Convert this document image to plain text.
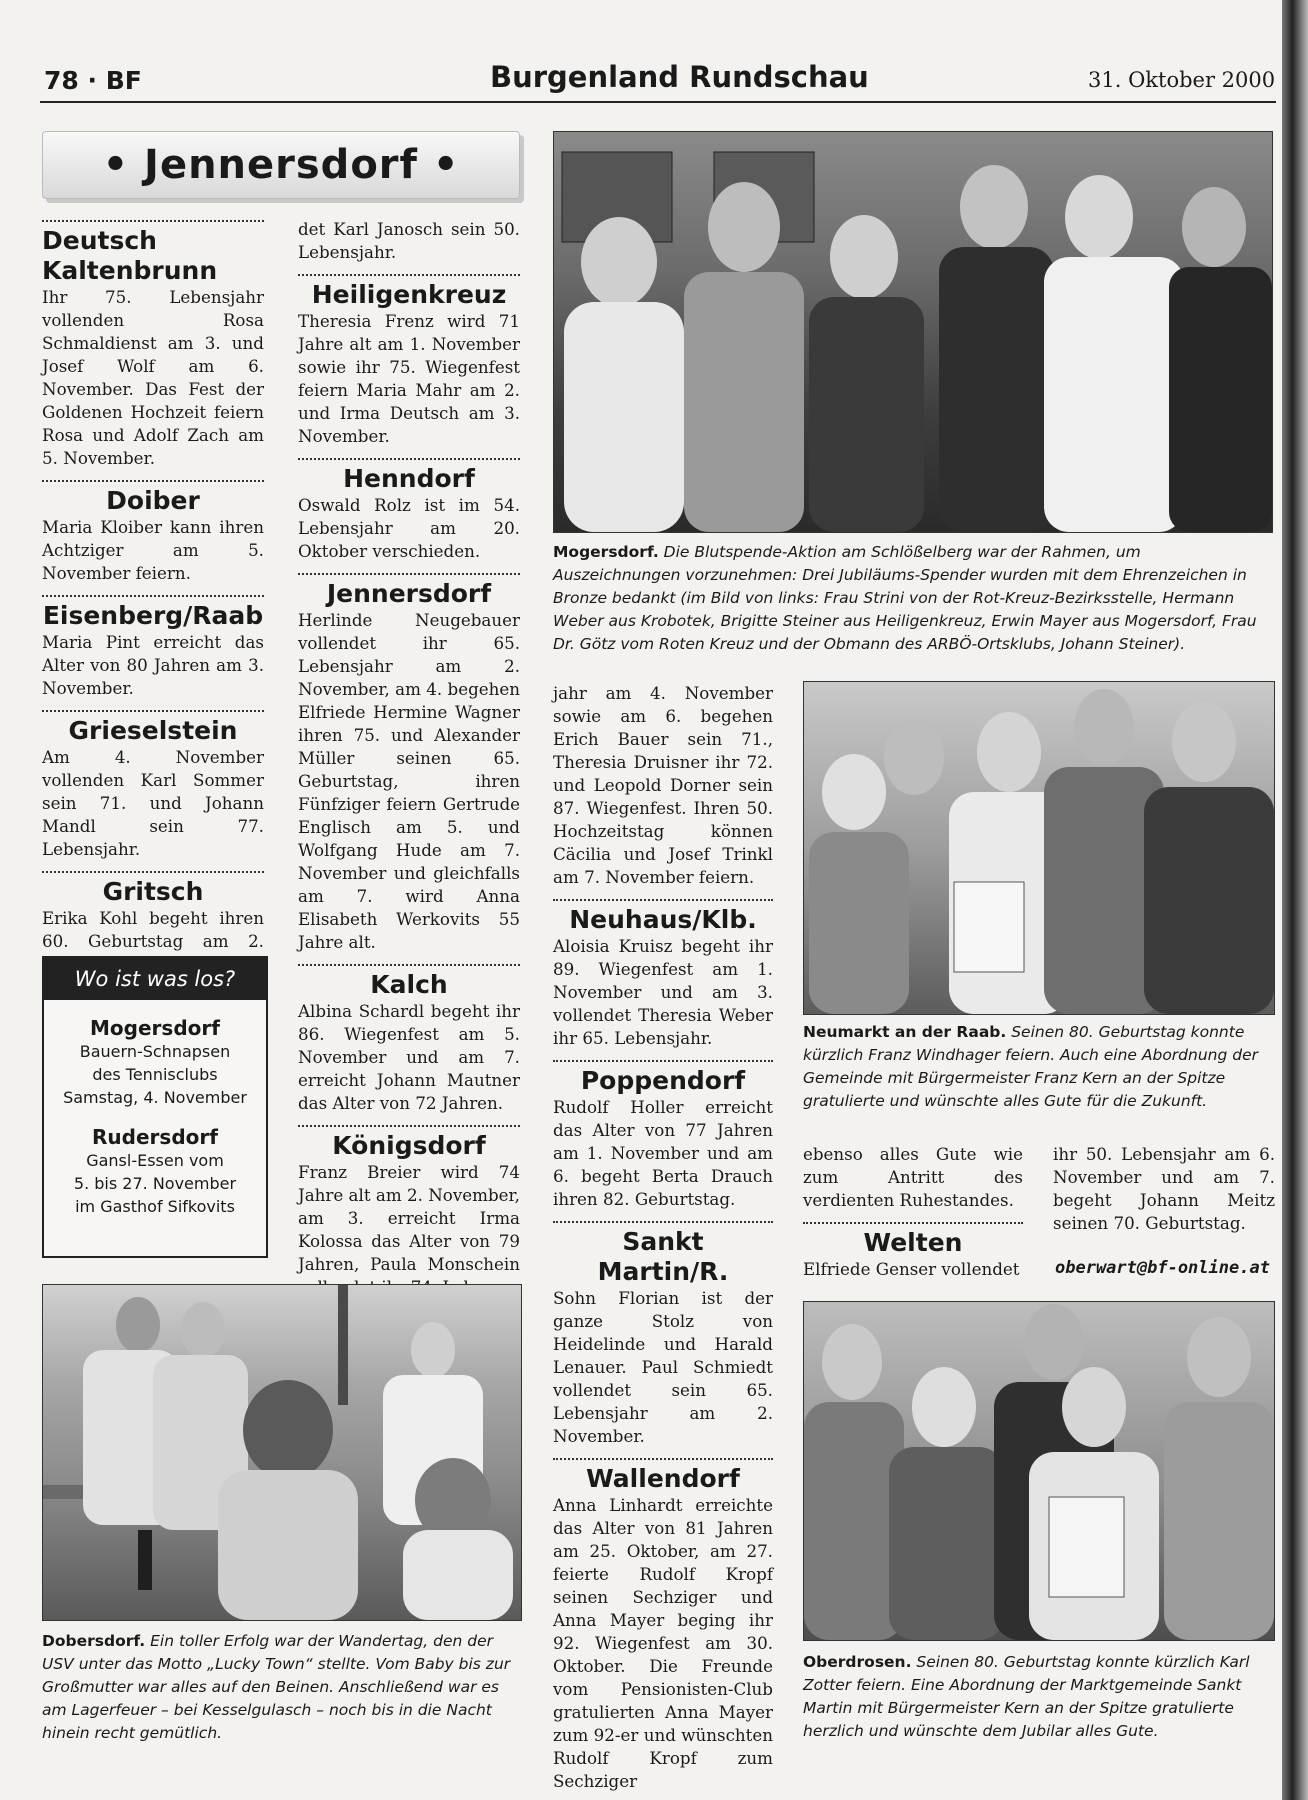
78 · BF	Burgenland Rundschau	31. Oktober 2000
• Jennersdorf •
Deutsch Kaltenbrunn

Ihr 75. Lebensjahr vollenden Rosa Schmaldienst am 3. und Josef Wolf am 6. November. Das Fest der Goldenen Hochzeit feiern Rosa und Adolf Zach am 5. November.

Doiber

Maria Kloiber kann ihren Achtziger am 5. November feiern.

Eisenberg/Raab

Maria Pint erreicht das Alter von 80 Jahren am 3. November.

Grieselstein

Am 4. November vollenden Karl Sommer sein 71. und Johann Mandl sein 77. Lebensjahr.

Gritsch

Erika Kohl begeht ihren 60. Geburtstag am 2.

Wo ist was los?
Mogersdorf
Bauern-Schnapsen
des Tennisclubs
Samstag, 4. November
Rudersdorf
Gansl-Essen vom
5. bis 27. November
im Gasthof Sifkovits

det Karl Janosch sein 50. Lebensjahr.

Heiligenkreuz

Theresia Frenz wird 71 Jahre alt am 1. November sowie ihr 75. Wiegenfest feiern Maria Mahr am 2. und Irma Deutsch am 3. November.

Henndorf

Oswald Rolz ist im 54. Lebensjahr am 20. Oktober verschieden.

Jennersdorf

Herlinde Neugebauer vollendet ihr 65. Lebensjahr am 2. November, am 4. begehen Elfriede Hermine Wagner ihren 75. und Alexander Müller seinen 65. Geburtstag, ihren Fünfziger feiern Gertrude Englisch am 5. und Wolfgang Hude am 7. November und gleichfalls am 7. wird Anna Elisabeth Werkovits 55 Jahre alt.

Kalch

Albina Schardl begeht ihr 86. Wiegenfest am 5. November und am 7. erreicht Johann Mautner das Alter von 72 Jahren.

Königsdorf

Franz Breier wird 74 Jahre alt am 2. November, am 3. erreicht Irma Kolossa das Alter von 79 Jahren, Paula Monschein

Mogersdorf. Die Blutspende-Aktion am Schlößelberg war der Rahmen, um Auszeichnungen vorzunehmen: Drei Jubiläums-Spender wurden mit dem Ehrenzeichen in Bronze bedankt (im Bild von links: Frau Strini von der Rot-Kreuz-Bezirksstelle, Hermann Weber aus Krobotek, Brigitte Steiner aus Heiligenkreuz, Erwin Mayer aus Mogersdorf, Frau Dr. Götz vom Roten Kreuz und der Obmann des ARBÖ-Ortsklubs, Johann Steiner).

jahr am 4. November sowie am 6. begehen Erich Bauer sein 71., Theresia Druisner ihr 72. und Leopold Dorner sein 87. Wiegenfest. Ihren 50. Hochzeitstag können Cäcilia und Josef Trinkl am 7. November feiern.

Neuhaus/Klb.

Aloisia Kruisz begeht ihr 89. Wiegenfest am 1. November und am 3. vollendet Theresia Weber ihr 65. Lebensjahr.

Poppendorf

Rudolf Holler erreicht das Alter von 77 Jahren am 1. November und am 6. begeht Berta Drauch ihren 82. Geburtstag.

Sankt Martin/R.

Sohn Florian ist der ganze Stolz von Heidelinde und Harald Lenauer. Paul Schmiedt vollendet sein 65. Lebensjahr am 2. November.

Wallendorf

Anna Linhardt erreichte das Alter von 81 Jahren am 25. Oktober, am 27. feierte Rudolf Kropf seinen Sechziger und Anna Mayer beging ihr 92. Wiegenfest am 30. Oktober. Die Freunde vom Pensionisten-Club gratulierten Anna Mayer zum 92-er und wünschten Rudolf Kropf zum Sechziger

Neumarkt an der Raab. Seinen 80. Geburtstag konnte kürzlich Franz Windhager feiern. Auch eine Abordnung der Gemeinde mit Bürgermeister Franz Kern an der Spitze gratulierte und wünschte alles Gute für die Zukunft.

ebenso alles Gute wie zum Antritt des verdienten Ruhestandes.

Welten

Elfriede Genser vollendet

ihr 50. Lebensjahr am 6. November und am 7. begeht Johann Meitz seinen 70. Geburtstag.

oberwart@bf-online.at
Oberdrosen. Seinen 80. Geburtstag konnte kürzlich Karl Zotter feiern. Eine Abordnung der Marktgemeinde Sankt Martin mit Bürgermeister Kern an der Spitze gratulierte herzlich und wünschte dem Jubilar alles Gute.
Dobersdorf. Ein toller Erfolg war der Wandertag, den der USV unter das Motto „Lucky Town“ stellte. Vom Baby bis zur Großmutter war alles auf den Beinen. Anschließend war es am Lagerfeuer – bei Kesselgulasch – noch bis in die Nacht hinein recht gemütlich.
